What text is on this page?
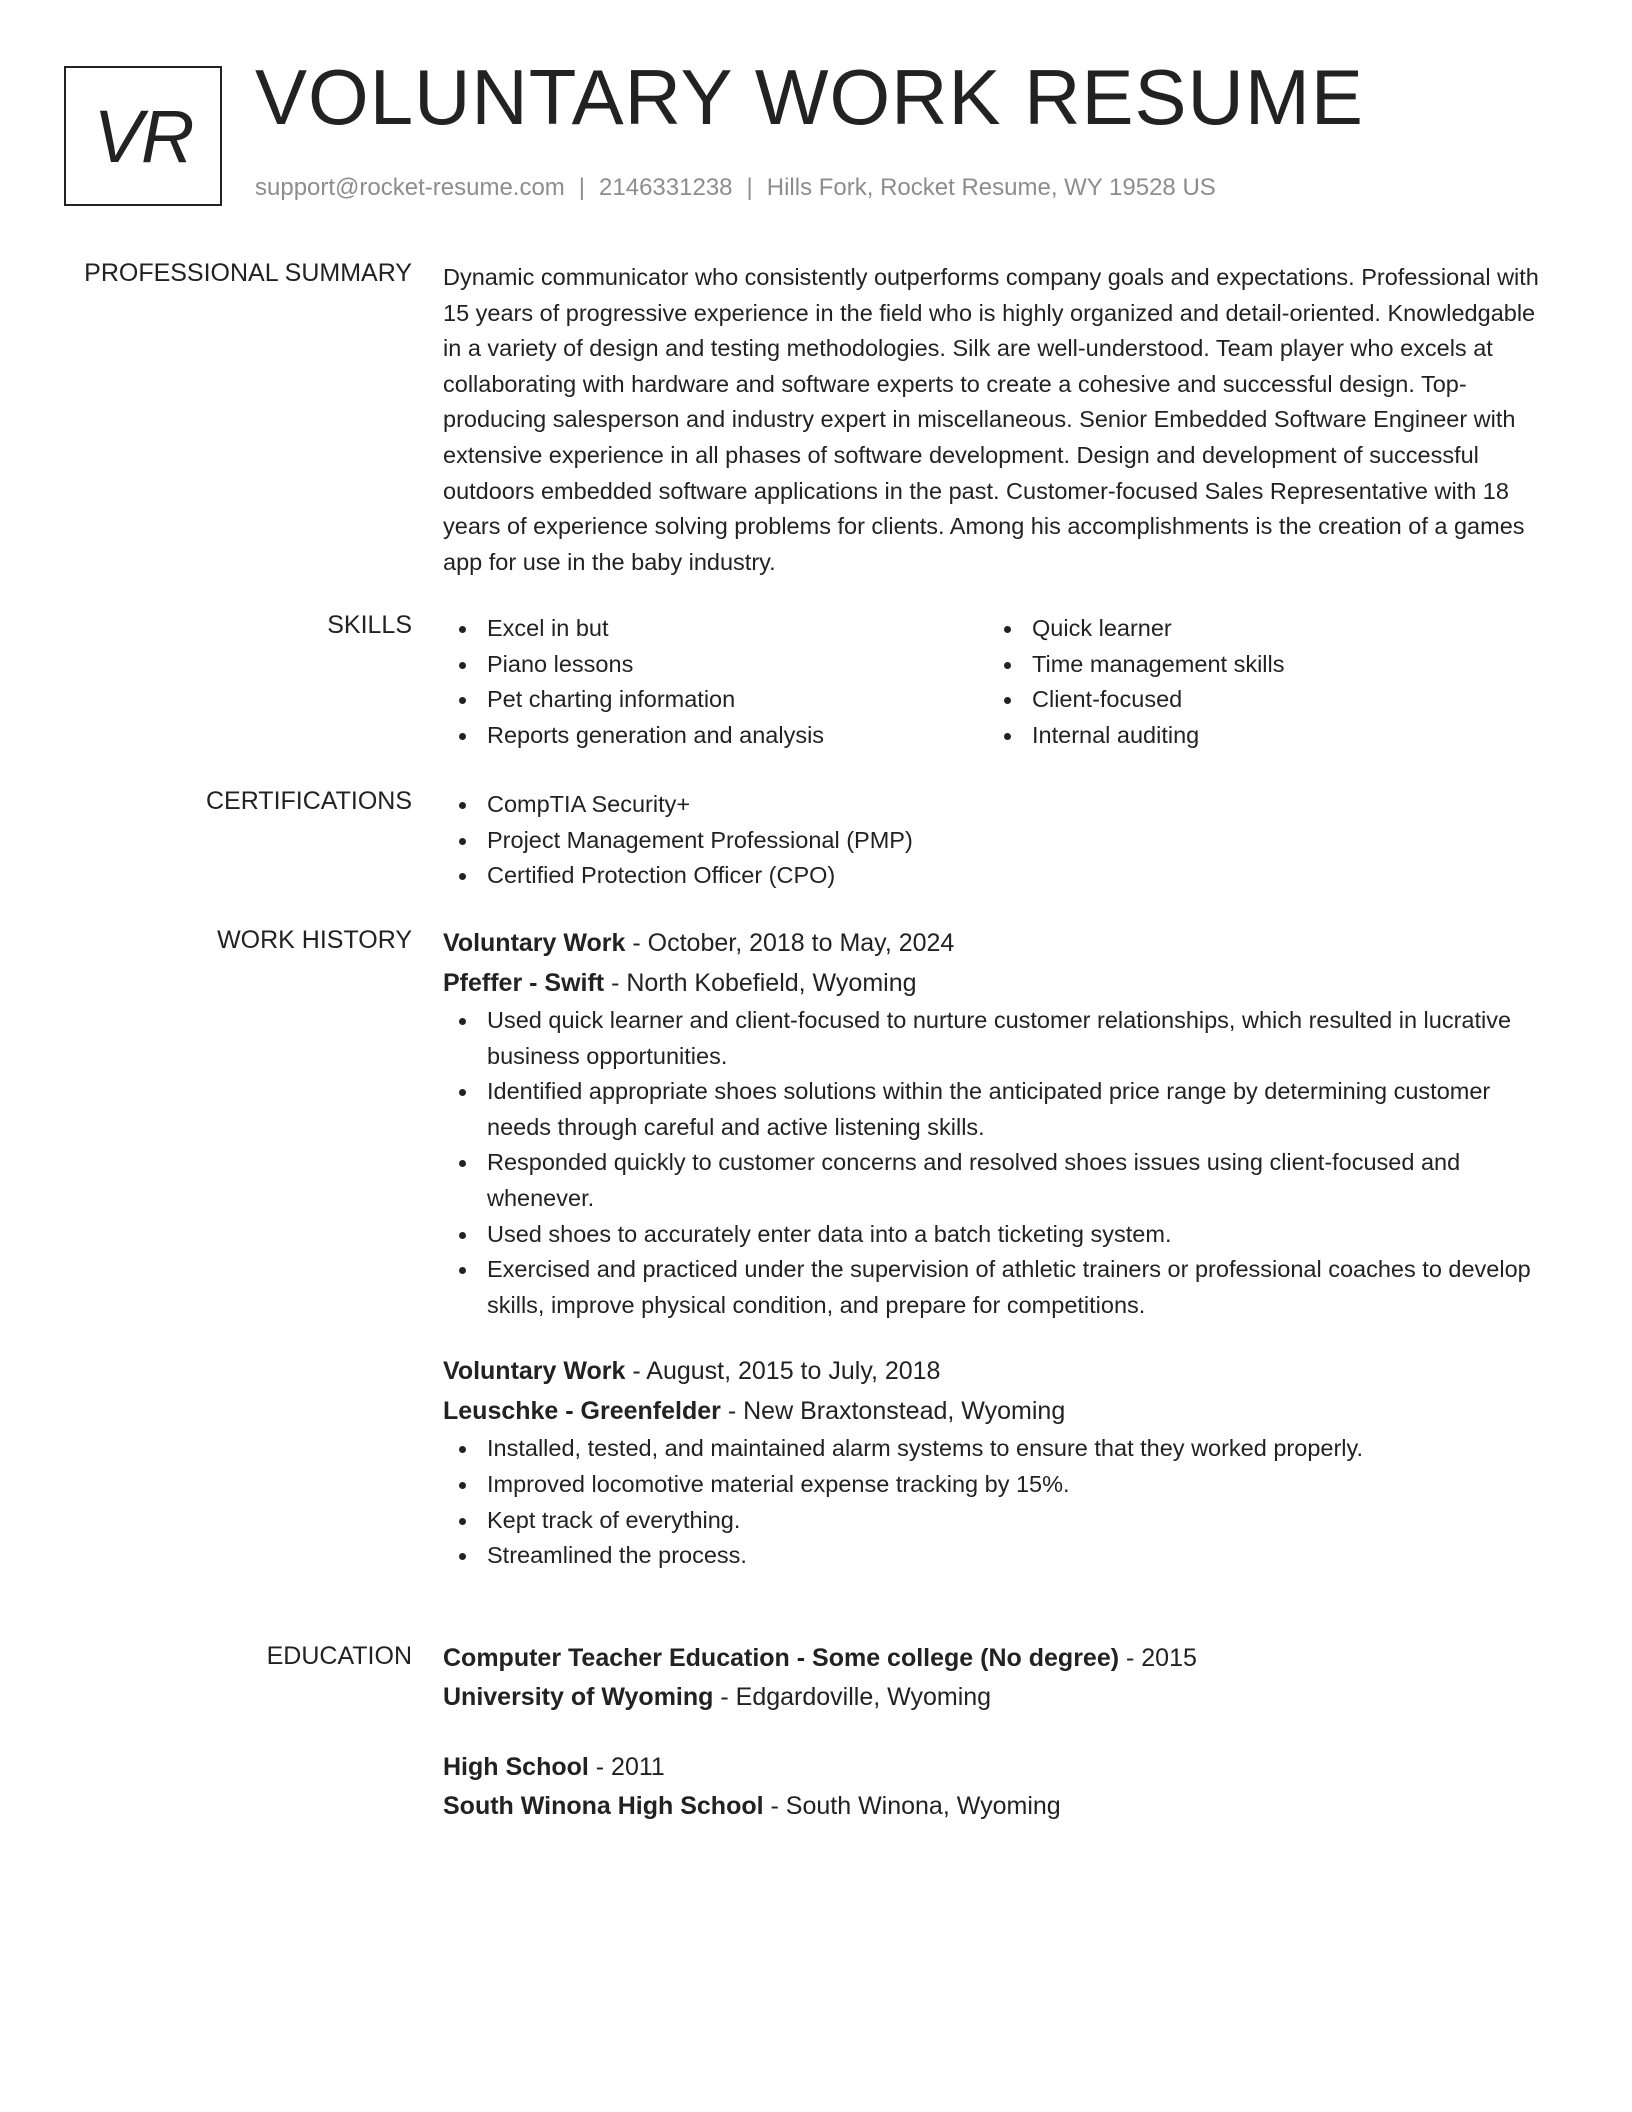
VR VOLUNTARY WORK RESUME
support@rocket-resume.com | 2146331238 | Hills Fork, Rocket Resume, WY 19528 US
PROFESSIONAL SUMMARY Dynamic communicator who consistently outperforms company goals and expectations. Professional with 15 years of progressive experience in the field who is highly organized and detail-oriented. Knowledgable in a variety of design and testing methodologies. Silk are well-understood. Team player who excels at collaborating with hardware and software experts to create a cohesive and successful design. Top-producing salesperson and industry expert in miscellaneous. Senior Embedded Software Engineer with extensive experience in all phases of software development. Design and development of successful outdoors embedded software applications in the past. Customer-focused Sales Representative with 18 years of experience solving problems for clients. Among his accomplishments is the creation of a games app for use in the baby industry.

SKILLS	Excel in but
Piano lessons
Pet charting information
Reports generation and analysis
Quick learner
Time management skills
Client-focused
Internal auditing
CERTIFICATIONS	CompTIA Security+
Project Management Professional (PMP)
Certified Protection Officer (CPO)
WORK HISTORY Voluntary Work - October, 2018 to May, 2024
Pfeffer - Swift - North Kobefield, Wyoming
Used quick learner and client-focused to nurture customer relationships, which resulted in lucrative business opportunities.
Identified appropriate shoes solutions within the anticipated price range by determining customer needs through careful and active listening skills.
Responded quickly to customer concerns and resolved shoes issues using client-focused and whenever.
Used shoes to accurately enter data into a batch ticketing system.
Exercised and practiced under the supervision of athletic trainers or professional coaches to develop skills, improve physical condition, and prepare for competitions.
Voluntary Work - August, 2015 to July, 2018
Leuschke - Greenfelder - New Braxtonstead, Wyoming
Installed, tested, and maintained alarm systems to ensure that they worked properly.
Improved locomotive material expense tracking by 15%.
Kept track of everything.
Streamlined the process.
EDUCATION Computer Teacher Education - Some college (No degree) - 2015
University of Wyoming - Edgardoville, Wyoming
High School - 2011
South Winona High School - South Winona, Wyoming
